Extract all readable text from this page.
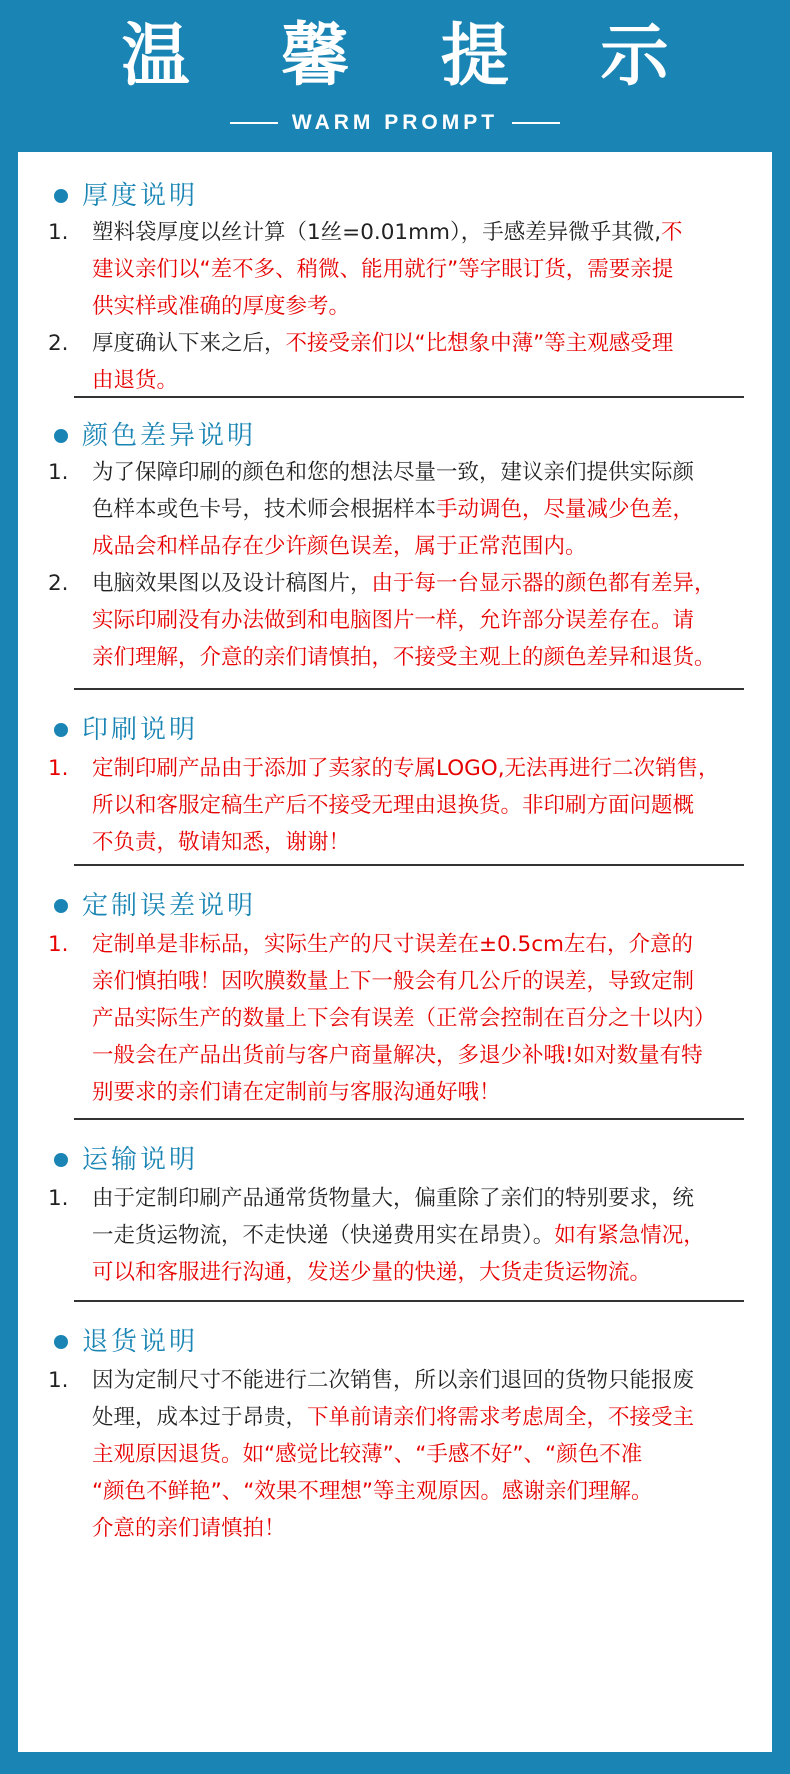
温 馨 提 示
WARM PROMPT
厚度说明
1.	塑料袋厚度以丝计算（1丝=0.01mm），手感差异微乎其微,不
建议亲们以“差不多、稍微、能用就行”等字眼订货，需要亲提
供实样或准确的厚度参考。
2.	厚度确认下来之后，不接受亲们以“比想象中薄”等主观感受理
由退货。
颜色差异说明
1.	为了保障印刷的颜色和您的想法尽量一致，建议亲们提供实际颜
色样本或色卡号，技术师会根据样本手动调色，尽量减少色差，
成品会和样品存在少许颜色误差，属于正常范围内。
2.	电脑效果图以及设计稿图片，由于每一台显示器的颜色都有差异，
实际印刷没有办法做到和电脑图片一样，允许部分误差存在。请
亲们理解，介意的亲们请慎拍，不接受主观上的颜色差异和退货。
印刷说明
1.	定制印刷产品由于添加了卖家的专属LOGO,无法再进行二次销售，
所以和客服定稿生产后不接受无理由退换货。非印刷方面问题概
不负责，敬请知悉，谢谢！
定制误差说明
1.	定制单是非标品，实际生产的尺寸误差在±0.5cm左右，介意的
亲们慎拍哦！因吹膜数量上下一般会有几公斤的误差，导致定制
产品实际生产的数量上下会有误差（正常会控制在百分之十以内）
一般会在产品出货前与客户商量解决，多退少补哦!如对数量有特
别要求的亲们请在定制前与客服沟通好哦！
运输说明
1.	由于定制印刷产品通常货物量大，偏重除了亲们的特别要求，统
一走货运物流，不走快递（快递费用实在昂贵）。如有紧急情况，
可以和客服进行沟通，发送少量的快递，大货走货运物流。
退货说明
1.	因为定制尺寸不能进行二次销售，所以亲们退回的货物只能报废
处理，成本过于昂贵，下单前请亲们将需求考虑周全，不接受主
主观原因退货。如“感觉比较薄”、“手感不好”、“颜色不准
“颜色不鲜艳”、“效果不理想”等主观原因。感谢亲们理解。
介意的亲们请慎拍！
